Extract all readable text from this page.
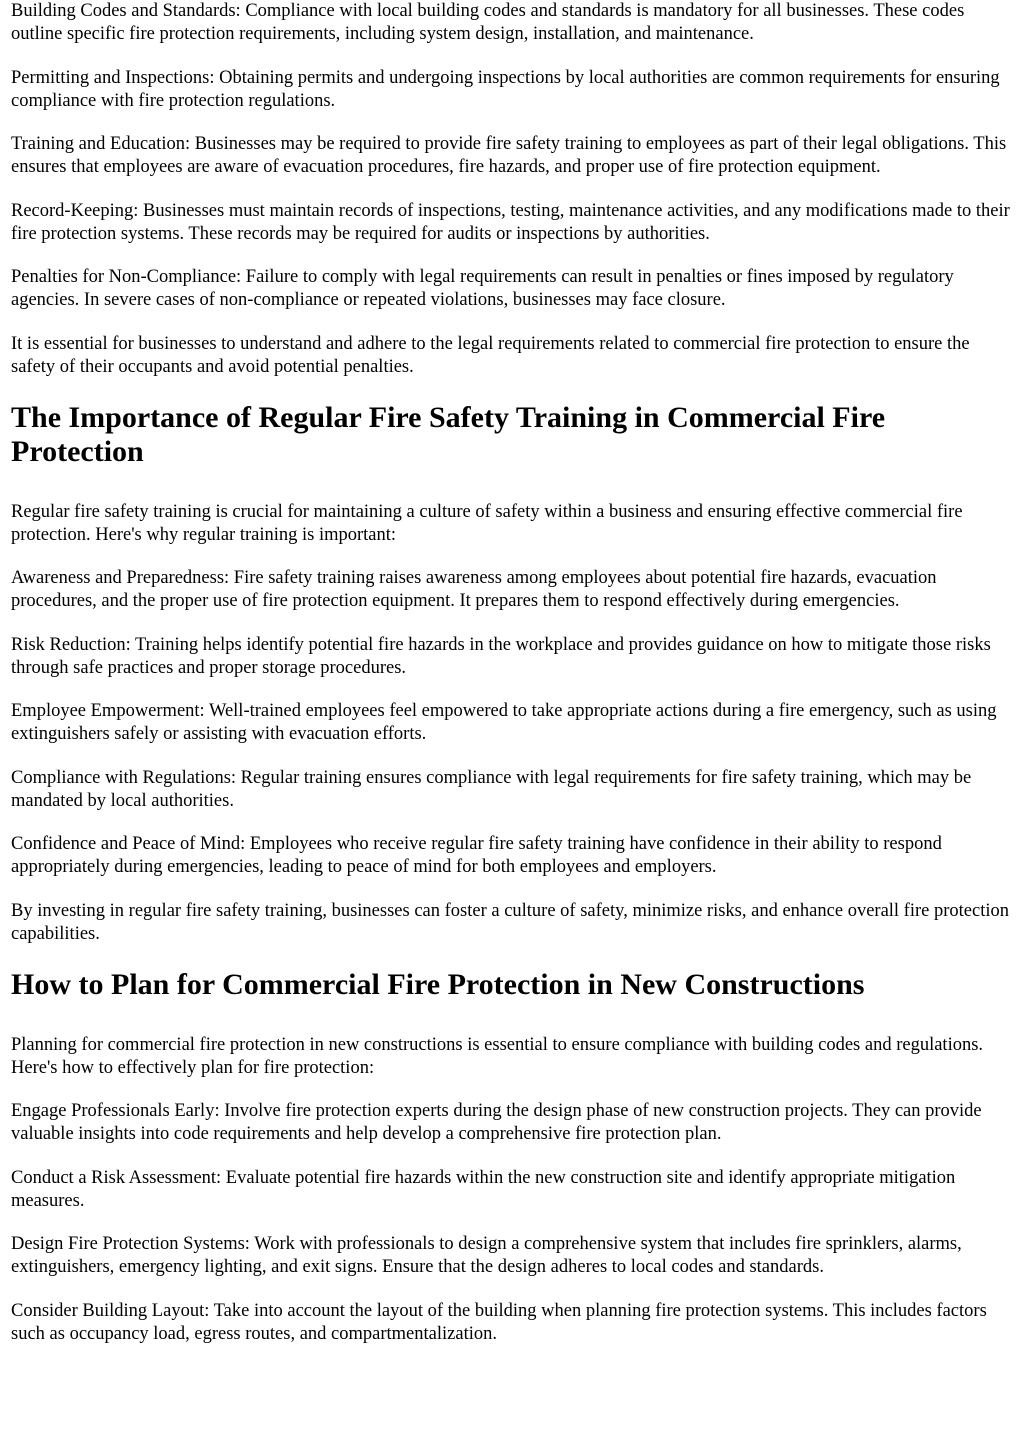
Building Codes and Standards: Compliance with local building codes and standards is mandatory for all businesses. These codes outline specific fire protection requirements, including system design, installation, and maintenance.

Permitting and Inspections: Obtaining permits and undergoing inspections by local authorities are common requirements for ensuring compliance with fire protection regulations.

Training and Education: Businesses may be required to provide fire safety training to employees as part of their legal obligations. This ensures that employees are aware of evacuation procedures, fire hazards, and proper use of fire protection equipment.

Record-Keeping: Businesses must maintain records of inspections, testing, maintenance activities, and any modifications made to their fire protection systems. These records may be required for audits or inspections by authorities.

Penalties for Non-Compliance: Failure to comply with legal requirements can result in penalties or fines imposed by regulatory agencies. In severe cases of non-compliance or repeated violations, businesses may face closure.

It is essential for businesses to understand and adhere to the legal requirements related to commercial fire protection to ensure the safety of their occupants and avoid potential penalties.

The Importance of Regular Fire Safety Training in Commercial Fire Protection

Regular fire safety training is crucial for maintaining a culture of safety within a business and ensuring effective commercial fire protection. Here's why regular training is important:

Awareness and Preparedness: Fire safety training raises awareness among employees about potential fire hazards, evacuation procedures, and the proper use of fire protection equipment. It prepares them to respond effectively during emergencies.

Risk Reduction: Training helps identify potential fire hazards in the workplace and provides guidance on how to mitigate those risks through safe practices and proper storage procedures.

Employee Empowerment: Well-trained employees feel empowered to take appropriate actions during a fire emergency, such as using extinguishers safely or assisting with evacuation efforts.

Compliance with Regulations: Regular training ensures compliance with legal requirements for fire safety training, which may be mandated by local authorities.

Confidence and Peace of Mind: Employees who receive regular fire safety training have confidence in their ability to respond appropriately during emergencies, leading to peace of mind for both employees and employers.

By investing in regular fire safety training, businesses can foster a culture of safety, minimize risks, and enhance overall fire protection capabilities.

How to Plan for Commercial Fire Protection in New Constructions

Planning for commercial fire protection in new constructions is essential to ensure compliance with building codes and regulations. Here's how to effectively plan for fire protection:

Engage Professionals Early: Involve fire protection experts during the design phase of new construction projects. They can provide valuable insights into code requirements and help develop a comprehensive fire protection plan.

Conduct a Risk Assessment: Evaluate potential fire hazards within the new construction site and identify appropriate mitigation measures.

Design Fire Protection Systems: Work with professionals to design a comprehensive system that includes fire sprinklers, alarms, extinguishers, emergency lighting, and exit signs. Ensure that the design adheres to local codes and standards.

Consider Building Layout: Take into account the layout of the building when planning fire protection systems. This includes factors such as occupancy load, egress routes, and compartmentalization.
